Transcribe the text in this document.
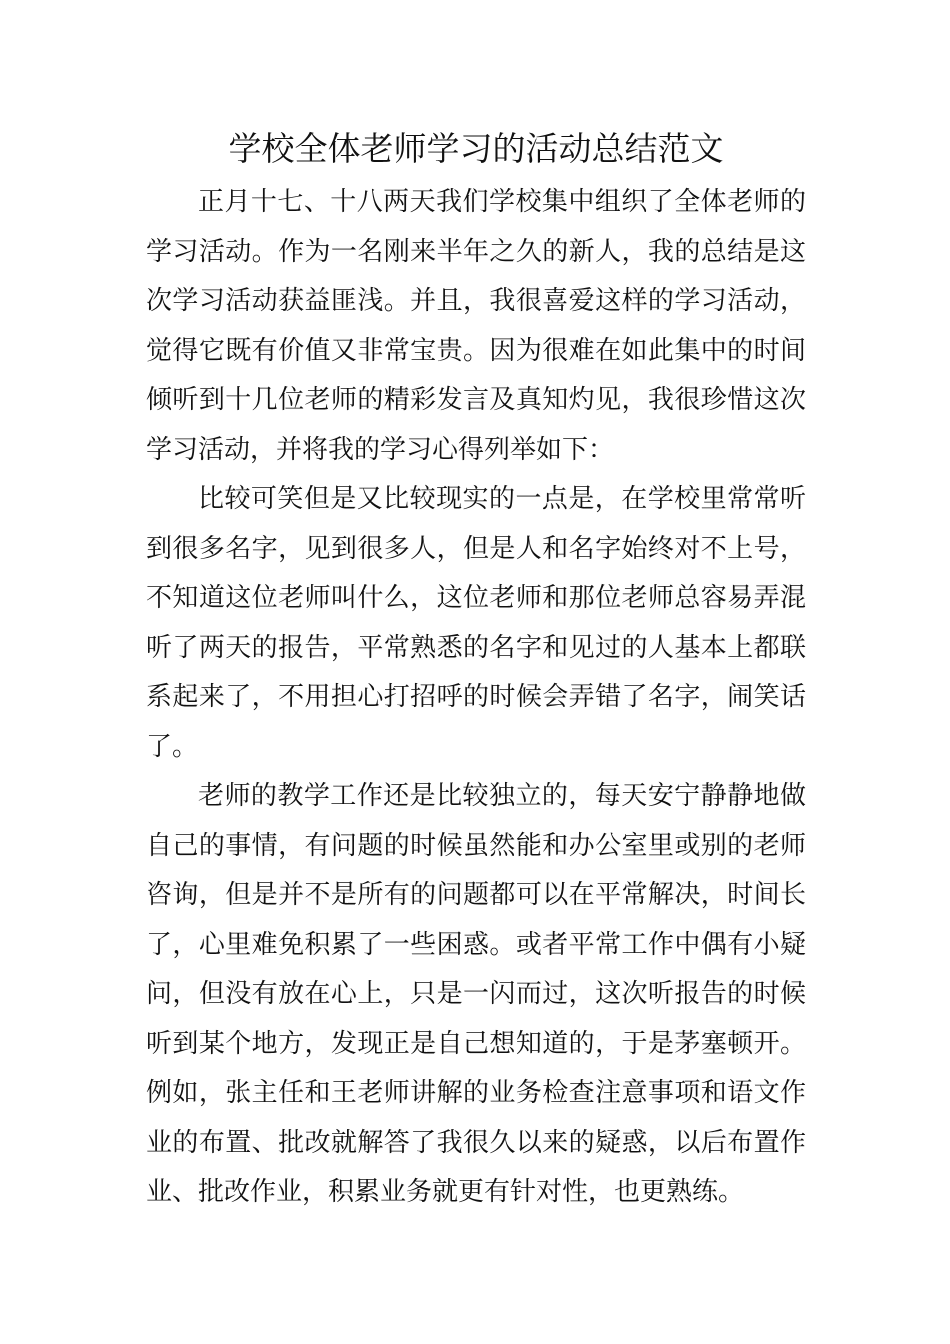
学校全体老师学习的活动总结范文

正月十七、十八两天我们学校集中组织了全体老师的学习活动。作为一名刚来半年之久的新人，我的总结是这次学习活动获益匪浅。并且，我很喜爱这样的学习活动，觉得它既有价值又非常宝贵。因为很难在如此集中的时间倾听到十几位老师的精彩发言及真知灼见，我很珍惜这次学习活动，并将我的学习心得列举如下：

比较可笑但是又比较现实的一点是，在学校里常常听到很多名字，见到很多人，但是人和名字始终对不上号，不知道这位老师叫什么，这位老师和那位老师总容易弄混听了两天的报告，平常熟悉的名字和见过的人基本上都联系起来了，不用担心打招呼的时候会弄错了名字，闹笑话了。

老师的教学工作还是比较独立的，每天安宁静静地做自己的事情，有问题的时候虽然能和办公室里或别的老师咨询，但是并不是所有的问题都可以在平常解决，时间长了，心里难免积累了一些困惑。或者平常工作中偶有小疑问，但没有放在心上，只是一闪而过，这次听报告的时候听到某个地方，发现正是自己想知道的，于是茅塞顿开。例如，张主任和王老师讲解的业务检查注意事项和语文作业的布置、批改就解答了我很久以来的疑惑，以后布置作业、批改作业，积累业务就更有针对性，也更熟练。
